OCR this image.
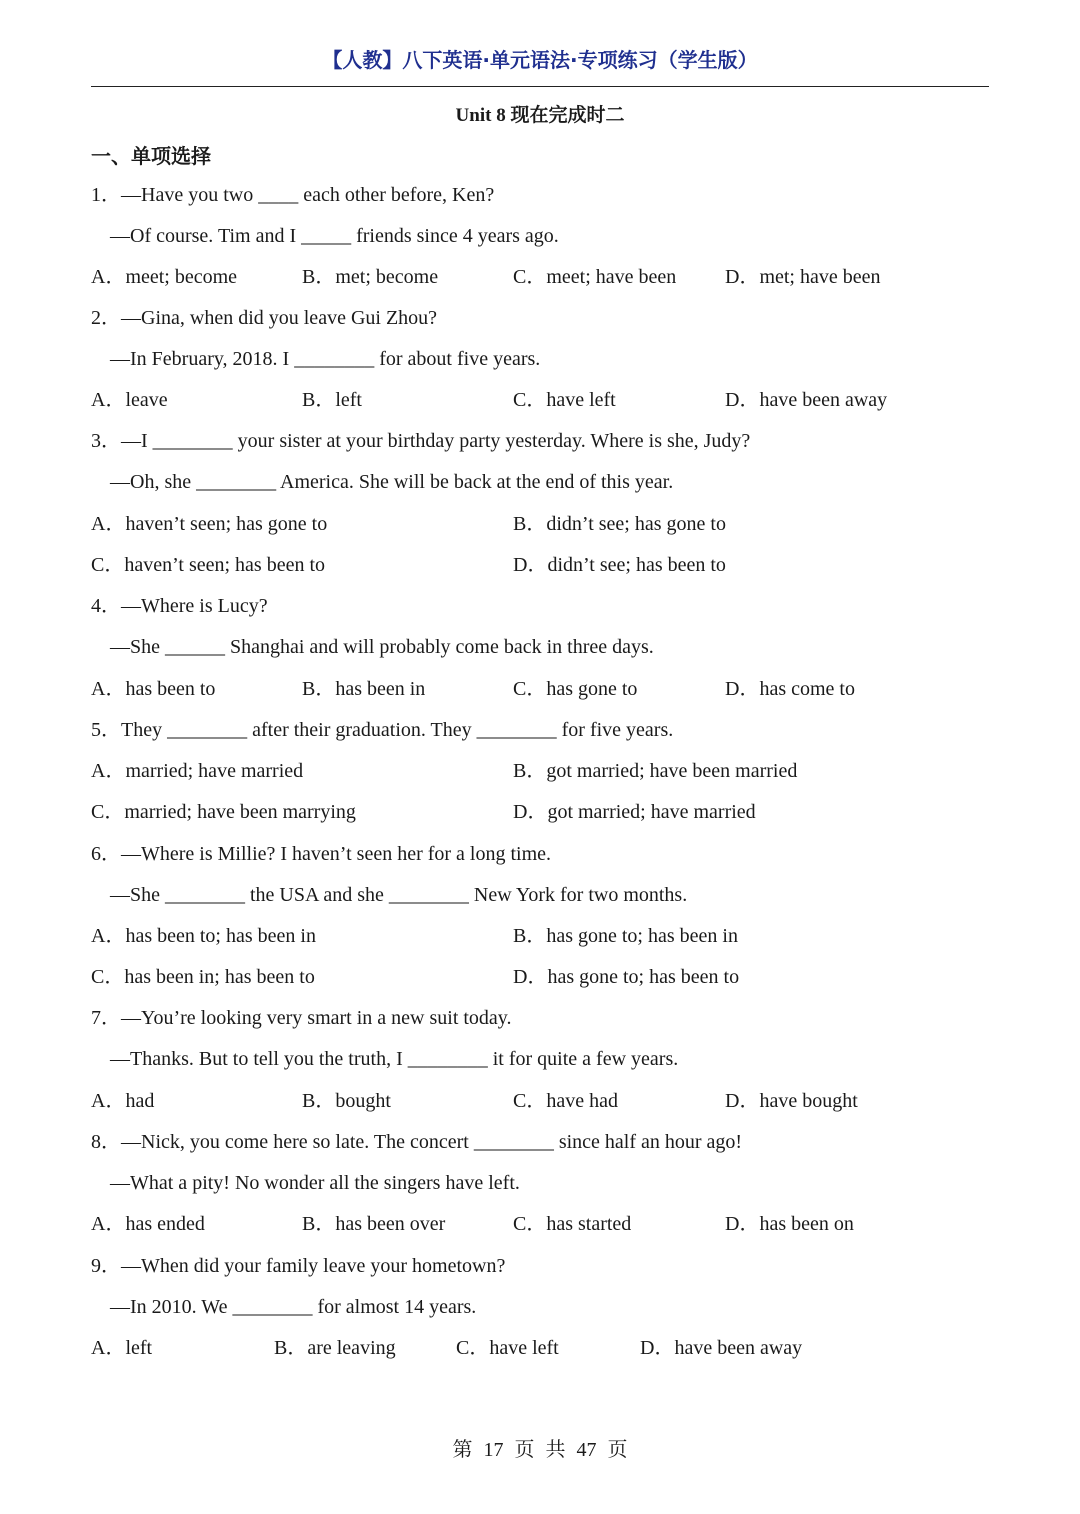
【人教】八下英语·单元语法·专项练习（学生版）
Unit 8 现在完成时二
一、单项选择
1．—Have you two ____ each other before, Ken?
—Of course. Tim and I _____ friends since 4 years ago.
A．meet; become	B．met; become	C．meet; have been D．met; have been
2．—Gina, when did you leave Gui Zhou?
—In February, 2018. I ________ for about five years.
A．leave	B．left	C．have left	D．have been away
3．—I ________ your sister at your birthday party yesterday. Where is she, Judy?
—Oh, she ________ America. She will be back at the end of this year.
A．haven’t seen; has gone to	B．didn’t see; has gone to
C．haven’t seen; has been to	D．didn’t see; has been to
4．—Where is Lucy?
—She ______ Shanghai and will probably come back in three days.
A．has been to	B．has been in	C．has gone to	D．has come to
5．They ________ after their graduation. They ________ for five years.
A．married; have married	B．got married; have been married
C．married; have been marrying	D．got married; have married
6．—Where is Millie? I haven’t seen her for a long time.
—She ________ the USA and she ________ New York for two months.
A．has been to; has been in	B．has gone to; has been in
C．has been in; has been to	D．has gone to; has been to
7．—You’re looking very smart in a new suit today.
—Thanks. But to tell you the truth, I ________ it for quite a few years.
A．had	B．bought	C．have had	D．have bought
8．—Nick, you come here so late. The concert ________ since half an hour ago!
—What a pity! No wonder all the singers have left.
A．has ended	B．has been over	C．has started	D．has been on
9．—When did your family leave your hometown?
—In 2010. We ________ for almost 14 years.
A．left	B．are leaving	C．have left	D．have been away
第 17 页 共 47 页
